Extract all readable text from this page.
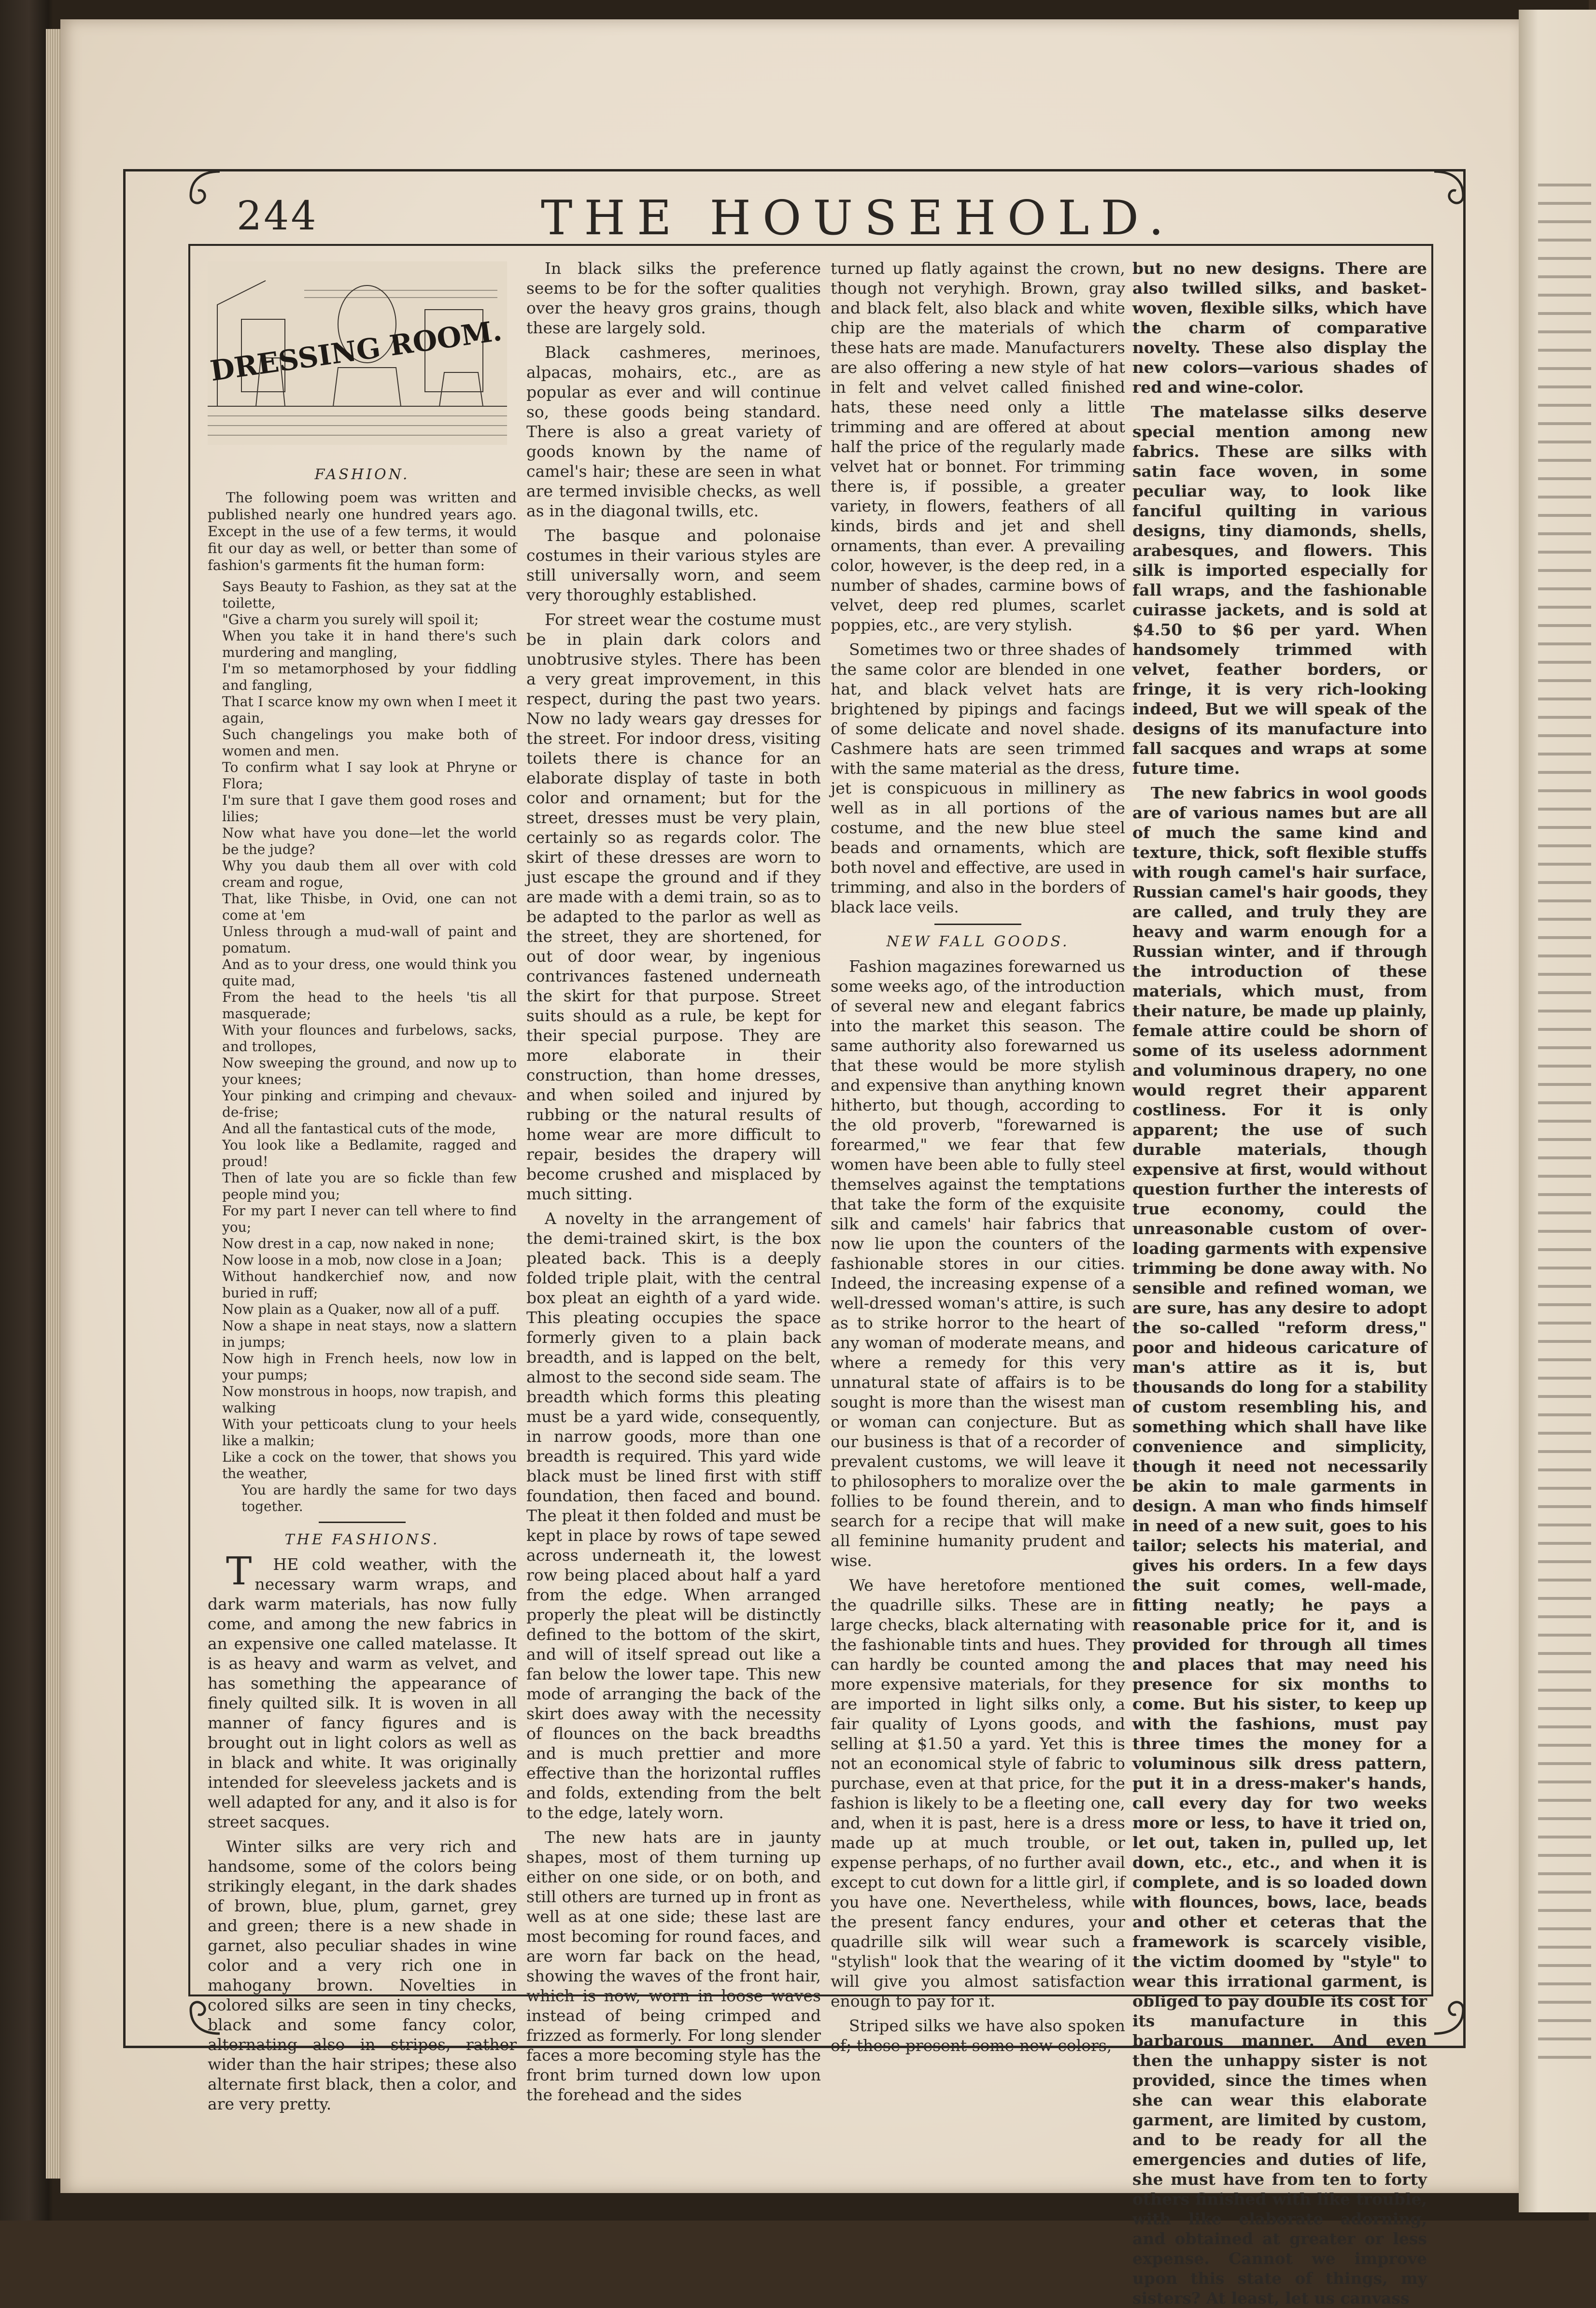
244	THE HOUSEHOLD.
DRESSING ROOM.

FASHION.

The following poem was written and published nearly one hundred years ago. Except in the use of a few terms, it would fit our day as well, or better than some of fashion's garments fit the human form:

Says Beauty to Fashion, as they sat at the toilette,
"Give a charm you surely will spoil it;
When you take it in hand there's such murdering and mangling,
I'm so metamorphosed by your fiddling and fangling,
That I scarce know my own when I meet it again,
Such changelings you make both of women and men.
To confirm what I say look at Phryne or Flora;
I'm sure that I gave them good roses and lilies;
Now what have you done—let the world be the judge?
Why you daub them all over with cold cream and rogue,
That, like Thisbe, in Ovid, one can not come at 'em
Unless through a mud-wall of paint and pomatum.
And as to your dress, one would think you quite mad,
From the head to the heels 'tis all masquerade;
With your flounces and furbelows, sacks, and trollopes,
Now sweeping the ground, and now up to your knees;
Your pinking and crimping and chevaux-de-frise;
And all the fantastical cuts of the mode,
You look like a Bedlamite, ragged and proud!
Then of late you are so fickle than few people mind you;
For my part I never can tell where to find you;
Now drest in a cap, now naked in none;
Now loose in a mob, now close in a Joan;
Without handkerchief now, and now buried in ruff;
Now plain as a Quaker, now all of a puff.
Now a shape in neat stays, now a slattern in jumps;
Now high in French heels, now low in your pumps;
Now monstrous in hoops, now trapish, and walking
With your petticoats clung to your heels like a malkin;
Like a cock on the tower, that shows you the weather,
You are hardly the same for two days together.

THE FASHIONS.

THE cold weather, with the necessary warm wraps, and dark warm materials, has now fully come, and among the new fabrics in an expensive one called matelasse. It is as heavy and warm as velvet, and has something the appearance of finely quilted silk. It is woven in all manner of fancy figures and is brought out in light colors as well as in black and white. It was originally intended for sleeveless jackets and is well adapted for any, and it also is for street sacques.

Winter silks are very rich and handsome, some of the colors being strikingly elegant, in the dark shades of brown, blue, plum, garnet, grey and green; there is a new shade in garnet, also peculiar shades in wine color and a very rich one in mahogany brown. Novelties in colored silks are seen in tiny checks, black and some fancy color, alternating also in stripes, rather wider than the hair stripes; these also alternate first black, then a color, and are very pretty.

In black silks the preference seems to be for the softer qualities over the heavy gros grains, though these are largely sold.

Black cashmeres, merinoes, alpacas, mohairs, etc., are as popular as ever and will continue so, these goods being standard. There is also a great variety of goods known by the name of camel's hair; these are seen in what are termed invisible checks, as well as in the diagonal twills, etc.

The basque and polonaise costumes in their various styles are still universally worn, and seem very thoroughly established.

For street wear the costume must be in plain dark colors and unobtrusive styles. There has been a very great improvement, in this respect, during the past two years. Now no lady wears gay dresses for the street. For indoor dress, visiting toilets there is chance for an elaborate display of taste in both color and ornament; but for the street, dresses must be very plain, certainly so as regards color. The skirt of these dresses are worn to just escape the ground and if they are made with a demi train, so as to be adapted to the parlor as well as the street, they are shortened, for out of door wear, by ingenious contrivances fastened underneath the skirt for that purpose. Street suits should as a rule, be kept for their special purpose. They are more elaborate in their construction, than home dresses, and when soiled and injured by rubbing or the natural results of home wear are more difficult to repair, besides the drapery will become crushed and misplaced by much sitting.

A novelty in the arrangement of the demi-trained skirt, is the box pleated back. This is a deeply folded triple plait, with the central box pleat an eighth of a yard wide. This pleating occupies the space formerly given to a plain back breadth, and is lapped on the belt, almost to the second side seam. The breadth which forms this pleating must be a yard wide, consequently, in narrow goods, more than one breadth is required. This yard wide black must be lined first with stiff foundation, then faced and bound. The pleat it then folded and must be kept in place by rows of tape sewed across underneath it, the lowest row being placed about half a yard from the edge. When arranged properly the pleat will be distinctly defined to the bottom of the skirt, and will of itself spread out like a fan below the lower tape. This new mode of arranging the back of the skirt does away with the necessity of flounces on the back breadths and is much prettier and more effective than the horizontal ruffles and folds, extending from the belt to the edge, lately worn.

The new hats are in jaunty shapes, most of them turning up either on one side, or on both, and still others are turned up in front as well as at one side; these last are most becoming for round faces, and are worn far back on the head, showing the waves of the front hair, which is now, worn in loose waves instead of being crimped and frizzed as formerly. For long slender faces a more becoming style has the front brim turned down low upon the forehead and the sides

turned up flatly against the crown, though not veryhigh. Brown, gray and black felt, also black and white chip are the materials of which these hats are made. Manufacturers are also offering a new style of hat in felt and velvet called finished hats, these need only a little trimming and are offered at about half the price of the regularly made velvet hat or bonnet. For trimming there is, if possible, a greater variety, in flowers, feathers of all kinds, birds and jet and shell ornaments, than ever. A prevailing color, however, is the deep red, in a number of shades, carmine bows of velvet, deep red plumes, scarlet poppies, etc., are very stylish.

Sometimes two or three shades of the same color are blended in one hat, and black velvet hats are brightened by pipings and facings of some delicate and novel shade. Cashmere hats are seen trimmed with the same material as the dress, jet is conspicuous in millinery as well as in all portions of the costume, and the new blue steel beads and ornaments, which are both novel and effective, are used in trimming, and also in the borders of black lace veils.

NEW FALL GOODS.

Fashion magazines forewarned us some weeks ago, of the introduction of several new and elegant fabrics into the market this season. The same authority also forewarned us that these would be more stylish and expensive than anything known hitherto, but though, according to the old proverb, "forewarned is forearmed," we fear that few women have been able to fully steel themselves against the temptations that take the form of the exquisite silk and camels' hair fabrics that now lie upon the counters of the fashionable stores in our cities. Indeed, the increasing expense of a well-dressed woman's attire, is such as to strike horror to the heart of any woman of moderate means, and where a remedy for this very unnatural state of affairs is to be sought is more than the wisest man or woman can conjecture. But as our business is that of a recorder of prevalent customs, we will leave it to philosophers to moralize over the follies to be found therein, and to search for a recipe that will make all feminine humanity prudent and wise.

We have heretofore mentioned the quadrille silks. These are in large checks, black alternating with the fashionable tints and hues. They can hardly be counted among the more expensive materials, for they are imported in light silks only, a fair quality of Lyons goods, and selling at $1.50 a yard. Yet this is not an economical style of fabric to purchase, even at that price, for the fashion is likely to be a fleeting one, and, when it is past, here is a dress made up at much trouble, or expense perhaps, of no further avail except to cut down for a little girl, if you have one. Nevertheless, while the present fancy endures, your quadrille silk will wear such a "stylish" look that the wearing of it will give you almost satisfaction enough to pay for it.

Striped silks we have also spoken of; these present some new colors,

but no new designs. There are also twilled silks, and basket-woven, flexible silks, which have the charm of comparative novelty. These also display the new colors—various shades of red and wine-color.

The matelasse silks deserve special mention among new fabrics. These are silks with satin face woven, in some peculiar way, to look like fanciful quilting in various designs, tiny diamonds, shells, arabesques, and flowers. This silk is imported especially for fall wraps, and the fashionable cuirasse jackets, and is sold at $4.50 to $6 per yard. When handsomely trimmed with velvet, feather borders, or fringe, it is very rich-looking indeed, But we will speak of the designs of its manufacture into fall sacques and wraps at some future time.

The new fabrics in wool goods are of various names but are all of much the same kind and texture, thick, soft flexible stuffs with rough camel's hair surface, Russian camel's hair goods, they are called, and truly they are heavy and warm enough for a Russian winter, and if through the introduction of these materials, which must, from their nature, be made up plainly, female attire could be shorn of some of its useless adornment and voluminous drapery, no one would regret their apparent costliness. For it is only apparent; the use of such durable materials, though expensive at first, would without question further the interests of true economy, could the unreasonable custom of over-loading garments with expensive trimming be done away with. No sensible and refined woman, we are sure, has any desire to adopt the so-called "reform dress," poor and hideous caricature of man's attire as it is, but thousands do long for a stability of custom resembling his, and something which shall have like convenience and simplicity, though it need not necessarily be akin to male garments in design. A man who finds himself in need of a new suit, goes to his tailor; selects his material, and gives his orders. In a few days the suit comes, well-made, fitting neatly; he pays a reasonable price for it, and is provided for through all times and places that may need his presence for six months to come. But his sister, to keep up with the fashions, must pay three times the money for a voluminous silk dress pattern, put it in a dress-maker's hands, call every day for two weeks more or less, to have it tried on, let out, taken in, pulled up, let down, etc., etc., and when it is complete, and is so loaded down with flounces, bows, lace, beads and other et ceteras that the framework is scarcely visible, the victim doomed by "style" to wear this irrational garment, is obliged to pay double its cost for its manufacture in this barbarous manner. And even then the unhappy sister is not provided, since the times when she can wear this elaborate garment, are limited by custom, and to be ready for all the emergencies and duties of life, she must have from ten to forty others finished with like trouble, with like elaborate adorning, and obtained at greater or less expense. Cannot we improve upon this state of things, my sisters? At least, let us canvass
